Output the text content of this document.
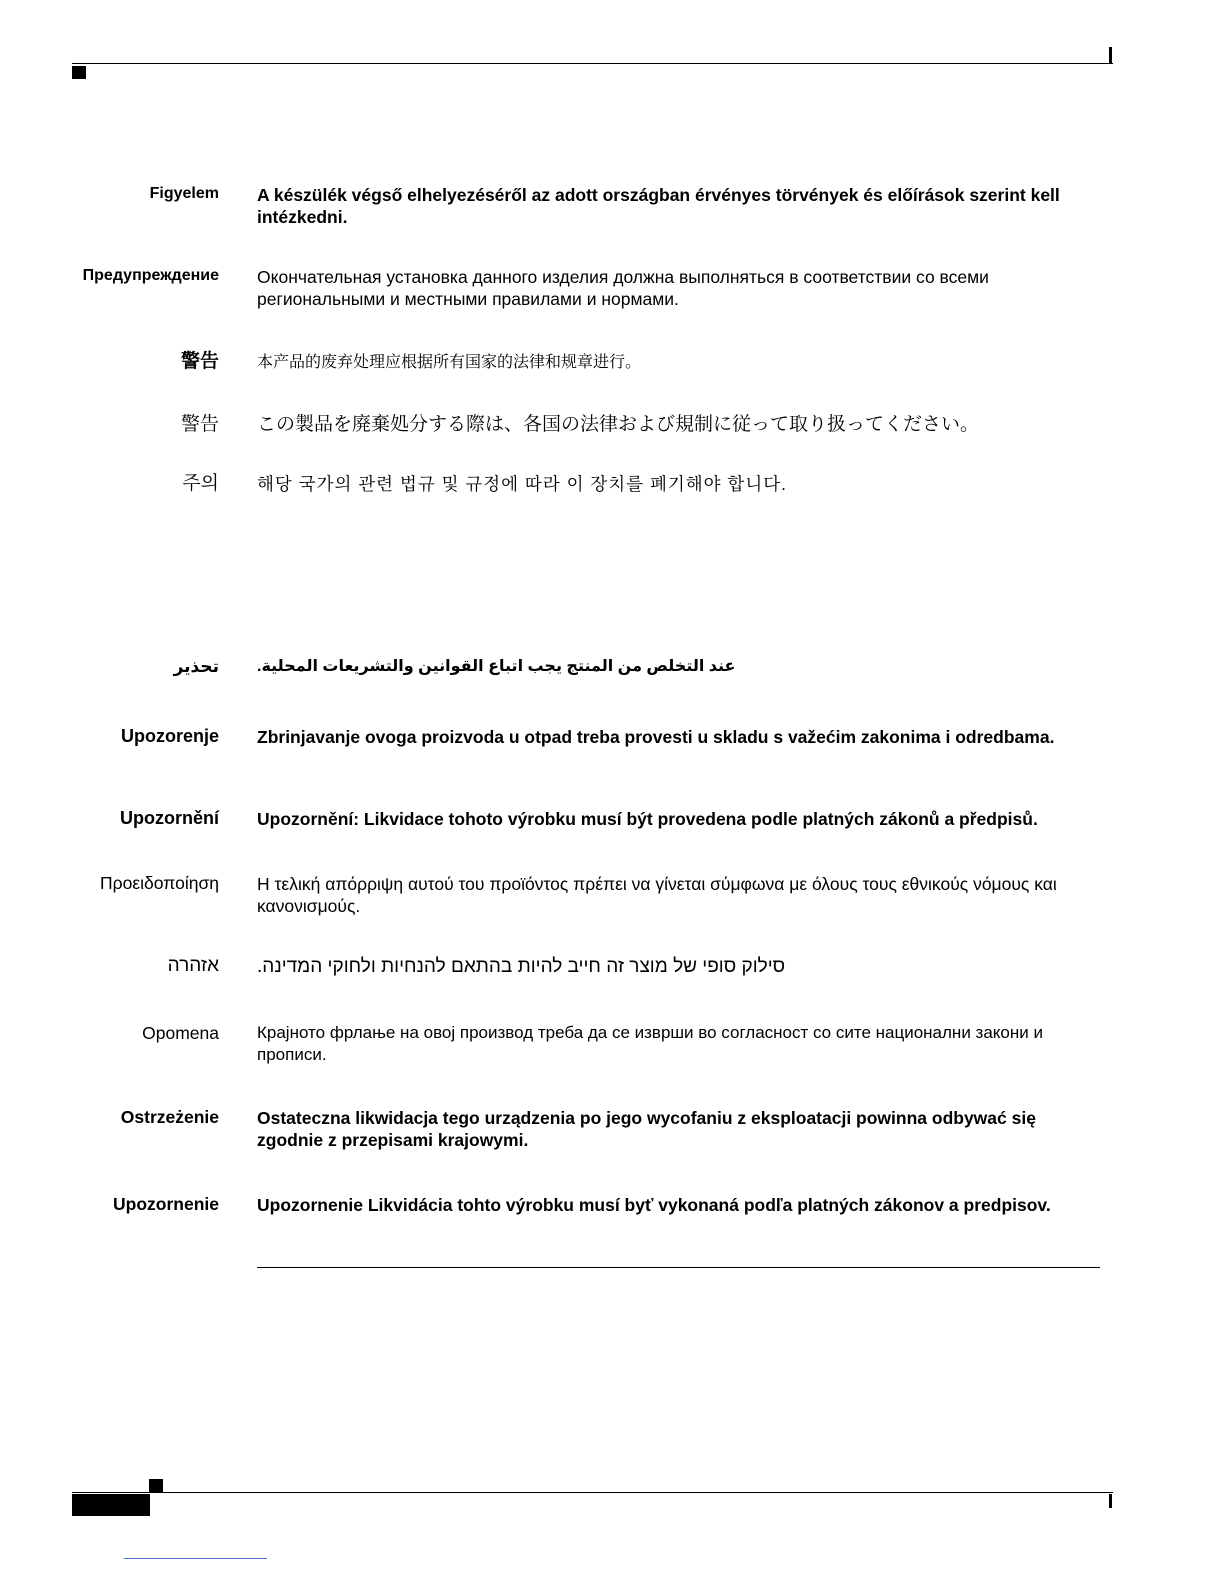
Figyelem A készülék végső elhelyezéséről az adott országban érvényes törvények és előírások szerint kell intézkedni.
Предупреждение Окончательная установка данного изделия должна выполняться в соответствии со всеми региональными и местными правилами и нормами.
警告 本产品的废弃处理应根据所有国家的法律和规章进行。
警告 この製品を廃棄処分する際は、各国の法律および規制に従って取り扱ってください。
주의 해당 국가의 관련 법규 및 규정에 따라 이 장치를 폐기해야 합니다.
تحذير عند التخلص من المنتج يجب اتباع القوانين والتشريعات المحلية.
Upozorenje Zbrinjavanje ovoga proizvoda u otpad treba provesti u skladu s važećim zakonima i odredbama.
Upozornění Upozornění: Likvidace tohoto výrobku musí být provedena podle platných zákonů a předpisů.
Προειδοποίηση Η τελική απόρριψη αυτού του προϊόντος πρέπει να γίνεται σύμφωνα με όλους τους εθνικούς νόμους και κανονισμούς.
אזהרה סילוק סופי של מוצר זה חייב להיות בהתאם להנחיות ולחוקי המדינה.
Opomena Крајното фрлање на овој производ треба да се изврши во согласност со сите национални закони и прописи.
Ostrzeżenie Ostateczna likwidacja tego urządzenia po jego wycofaniu z eksploatacji powinna odbywać się zgodnie z przepisami krajowymi.
Upozornenie Upozornenie Likvidácia tohto výrobku musí byť vykonaná podľa platných zákonov a predpisov.
